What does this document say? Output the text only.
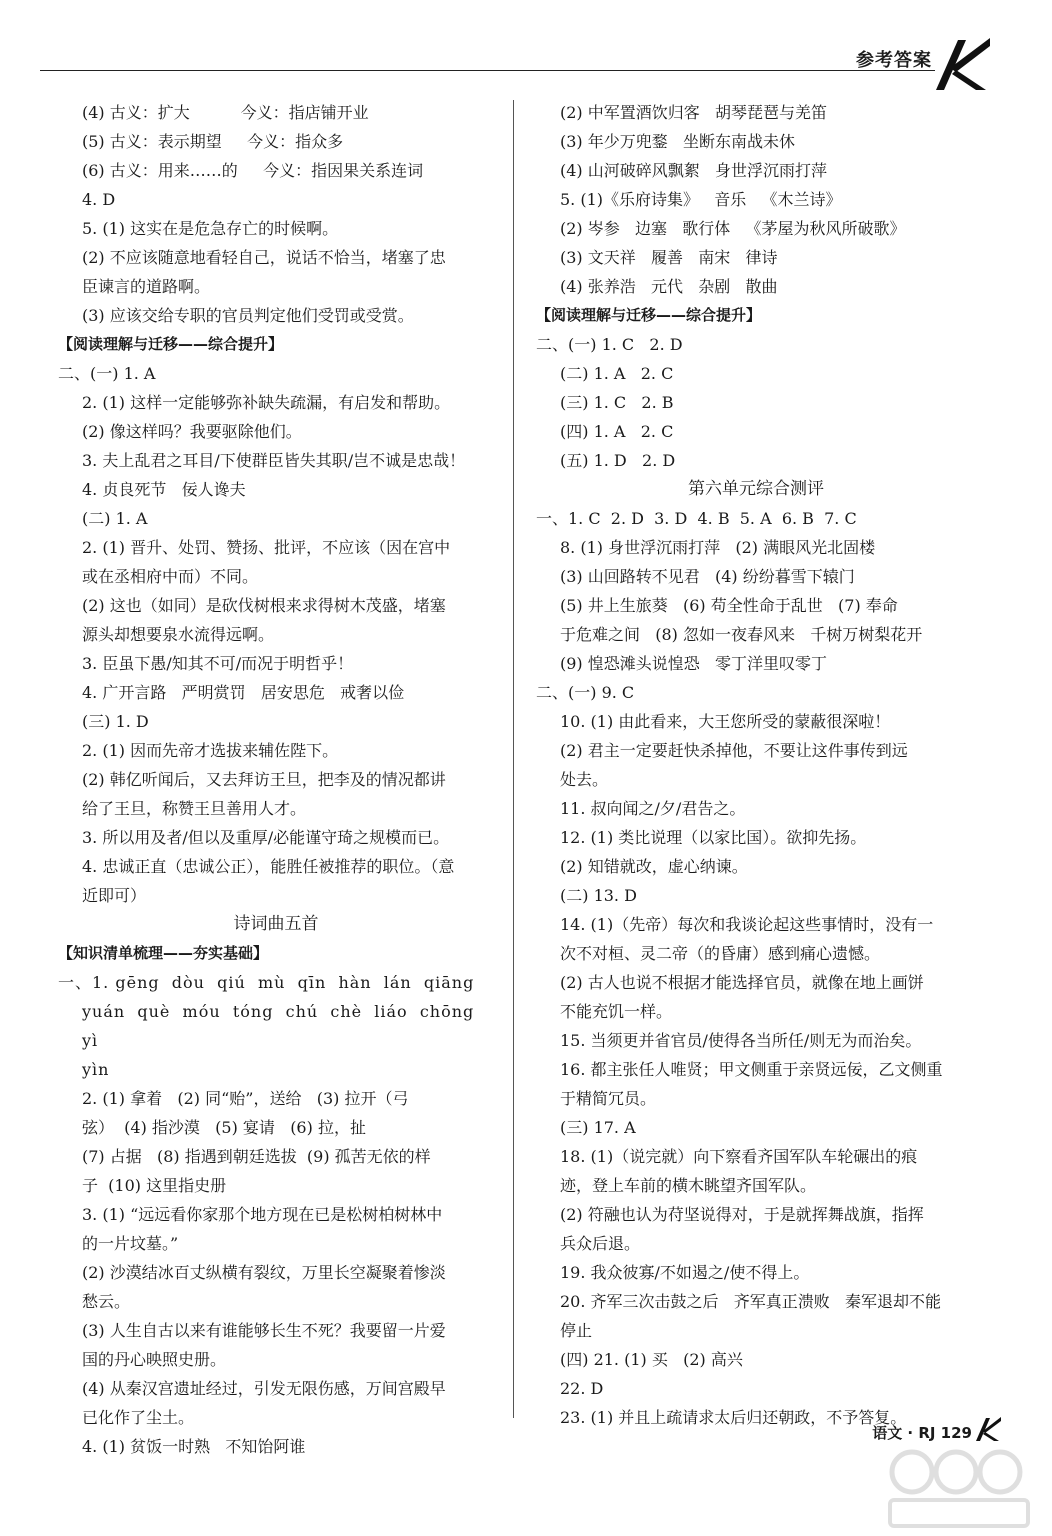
参考答案
(4) 古义：扩大          今义：指店铺开业
(5) 古义：表示期望     今义：指众多
(6) 古义：用来……的     今义：指因果关系连词
4. D
5. (1) 这实在是危急存亡的时候啊。
(2) 不应该随意地看轻自己，说话不恰当，堵塞了忠
臣谏言的道路啊。
(3) 应该交给专职的官员判定他们受罚或受赏。
【阅读理解与迁移——综合提升】
二、(一) 1. A
2. (1) 这样一定能够弥补缺失疏漏，有启发和帮助。
(2) 像这样吗？我要驱除他们。
3. 夫上乱君之耳目/下使群臣皆失其职/岂不诚是忠哉！
4. 贞良死节   佞人谗夫
(二) 1. A
2. (1) 晋升、处罚、赞扬、批评，不应该（因在宫中
或在丞相府中而）不同。
(2) 这也（如同）是砍伐树根来求得树木茂盛，堵塞
源头却想要泉水流得远啊。
3. 臣虽下愚/知其不可/而况于明哲乎！
4. 广开言路   严明赏罚   居安思危   戒奢以俭
(三) 1. D
2. (1) 因而先帝才选拔来辅佐陛下。
(2) 韩亿听闻后，又去拜访王旦，把李及的情况都讲
给了王旦，称赞王旦善用人才。
3. 所以用及者/但以及重厚/必能谨守琦之规模而已。
4. 忠诚正直（忠诚公正），能胜任被推荐的职位。（意
近即可）
诗词曲五首
【知识清单梳理——夯实基础】
一、1. gēng  dòu  qiú  mù  qīn  hàn  lán  qiāng
yuán  què  móu  tóng  chú  chè  liáo  chōng  yì
yìn
2. (1) 拿着   (2) 同“贻”，送给   (3) 拉开（弓
弦）  (4) 指沙漠   (5) 宴请   (6) 拉，扯
(7) 占据   (8) 指遇到朝廷选拔  (9) 孤苦无依的样
子  (10) 这里指史册
3. (1) “远远看你家那个地方现在已是松树柏树林中
的一片坟墓。”
(2) 沙漠结冰百丈纵横有裂纹，万里长空凝聚着惨淡
愁云。
(3) 人生自古以来有谁能够长生不死？我要留一片爱
国的丹心映照史册。
(4) 从秦汉宫遗址经过，引发无限伤感，万间宫殿早
已化作了尘土。
4. (1) 贫饭一时熟   不知饴阿谁
(2) 中军置酒饮归客   胡琴琵琶与羌笛
(3) 年少万兜鍪   坐断东南战未休
(4) 山河破碎风飘絮   身世浮沉雨打萍
5. (1)《乐府诗集》   音乐   《木兰诗》
(2) 岑参   边塞   歌行体   《茅屋为秋风所破歌》
(3) 文天祥   履善   南宋   律诗
(4) 张养浩   元代   杂剧   散曲
【阅读理解与迁移——综合提升】
二、(一) 1. C   2. D
(二) 1. A   2. C
(三) 1. C   2. B
(四) 1. A   2. C
(五) 1. D   2. D
第六单元综合测评
一、1. C  2. D  3. D  4. B  5. A  6. B  7. C
8. (1) 身世浮沉雨打萍   (2) 满眼风光北固楼
(3) 山回路转不见君   (4) 纷纷暮雪下辕门
(5) 井上生旅葵   (6) 苟全性命于乱世   (7) 奉命
于危难之间   (8) 忽如一夜春风来   千树万树梨花开
(9) 惶恐滩头说惶恐   零丁洋里叹零丁
二、(一) 9. C
10. (1) 由此看来，大王您所受的蒙蔽很深啦！
(2) 君主一定要赶快杀掉他，不要让这件事传到远
处去。
11. 叔向闻之/夕/君告之。
12. (1) 类比说理（以家比国）。欲抑先扬。
(2) 知错就改，虚心纳谏。
(二) 13. D
14. (1)（先帝）每次和我谈论起这些事情时，没有一
次不对桓、灵二帝（的昏庸）感到痛心遗憾。
(2) 古人也说不根据才能选择官员，就像在地上画饼
不能充饥一样。
15. 当须更并省官员/使得各当所任/则无为而治矣。
16. 都主张任人唯贤；甲文侧重于亲贤远佞，乙文侧重
于精简冗员。
(三) 17. A
18. (1)（说完就）向下察看齐国军队车轮碾出的痕
迹，登上车前的横木眺望齐国军队。
(2) 符融也认为苻坚说得对，于是就挥舞战旗，指挥
兵众后退。
19. 我众彼寡/不如遏之/使不得上。
20. 齐军三次击鼓之后   齐军真正溃败   秦军退却不能
停止
(四) 21. (1) 买   (2) 高兴
22. D
23. (1) 并且上疏请求太后归还朝政，不予答复。
语文 · RJ 129
